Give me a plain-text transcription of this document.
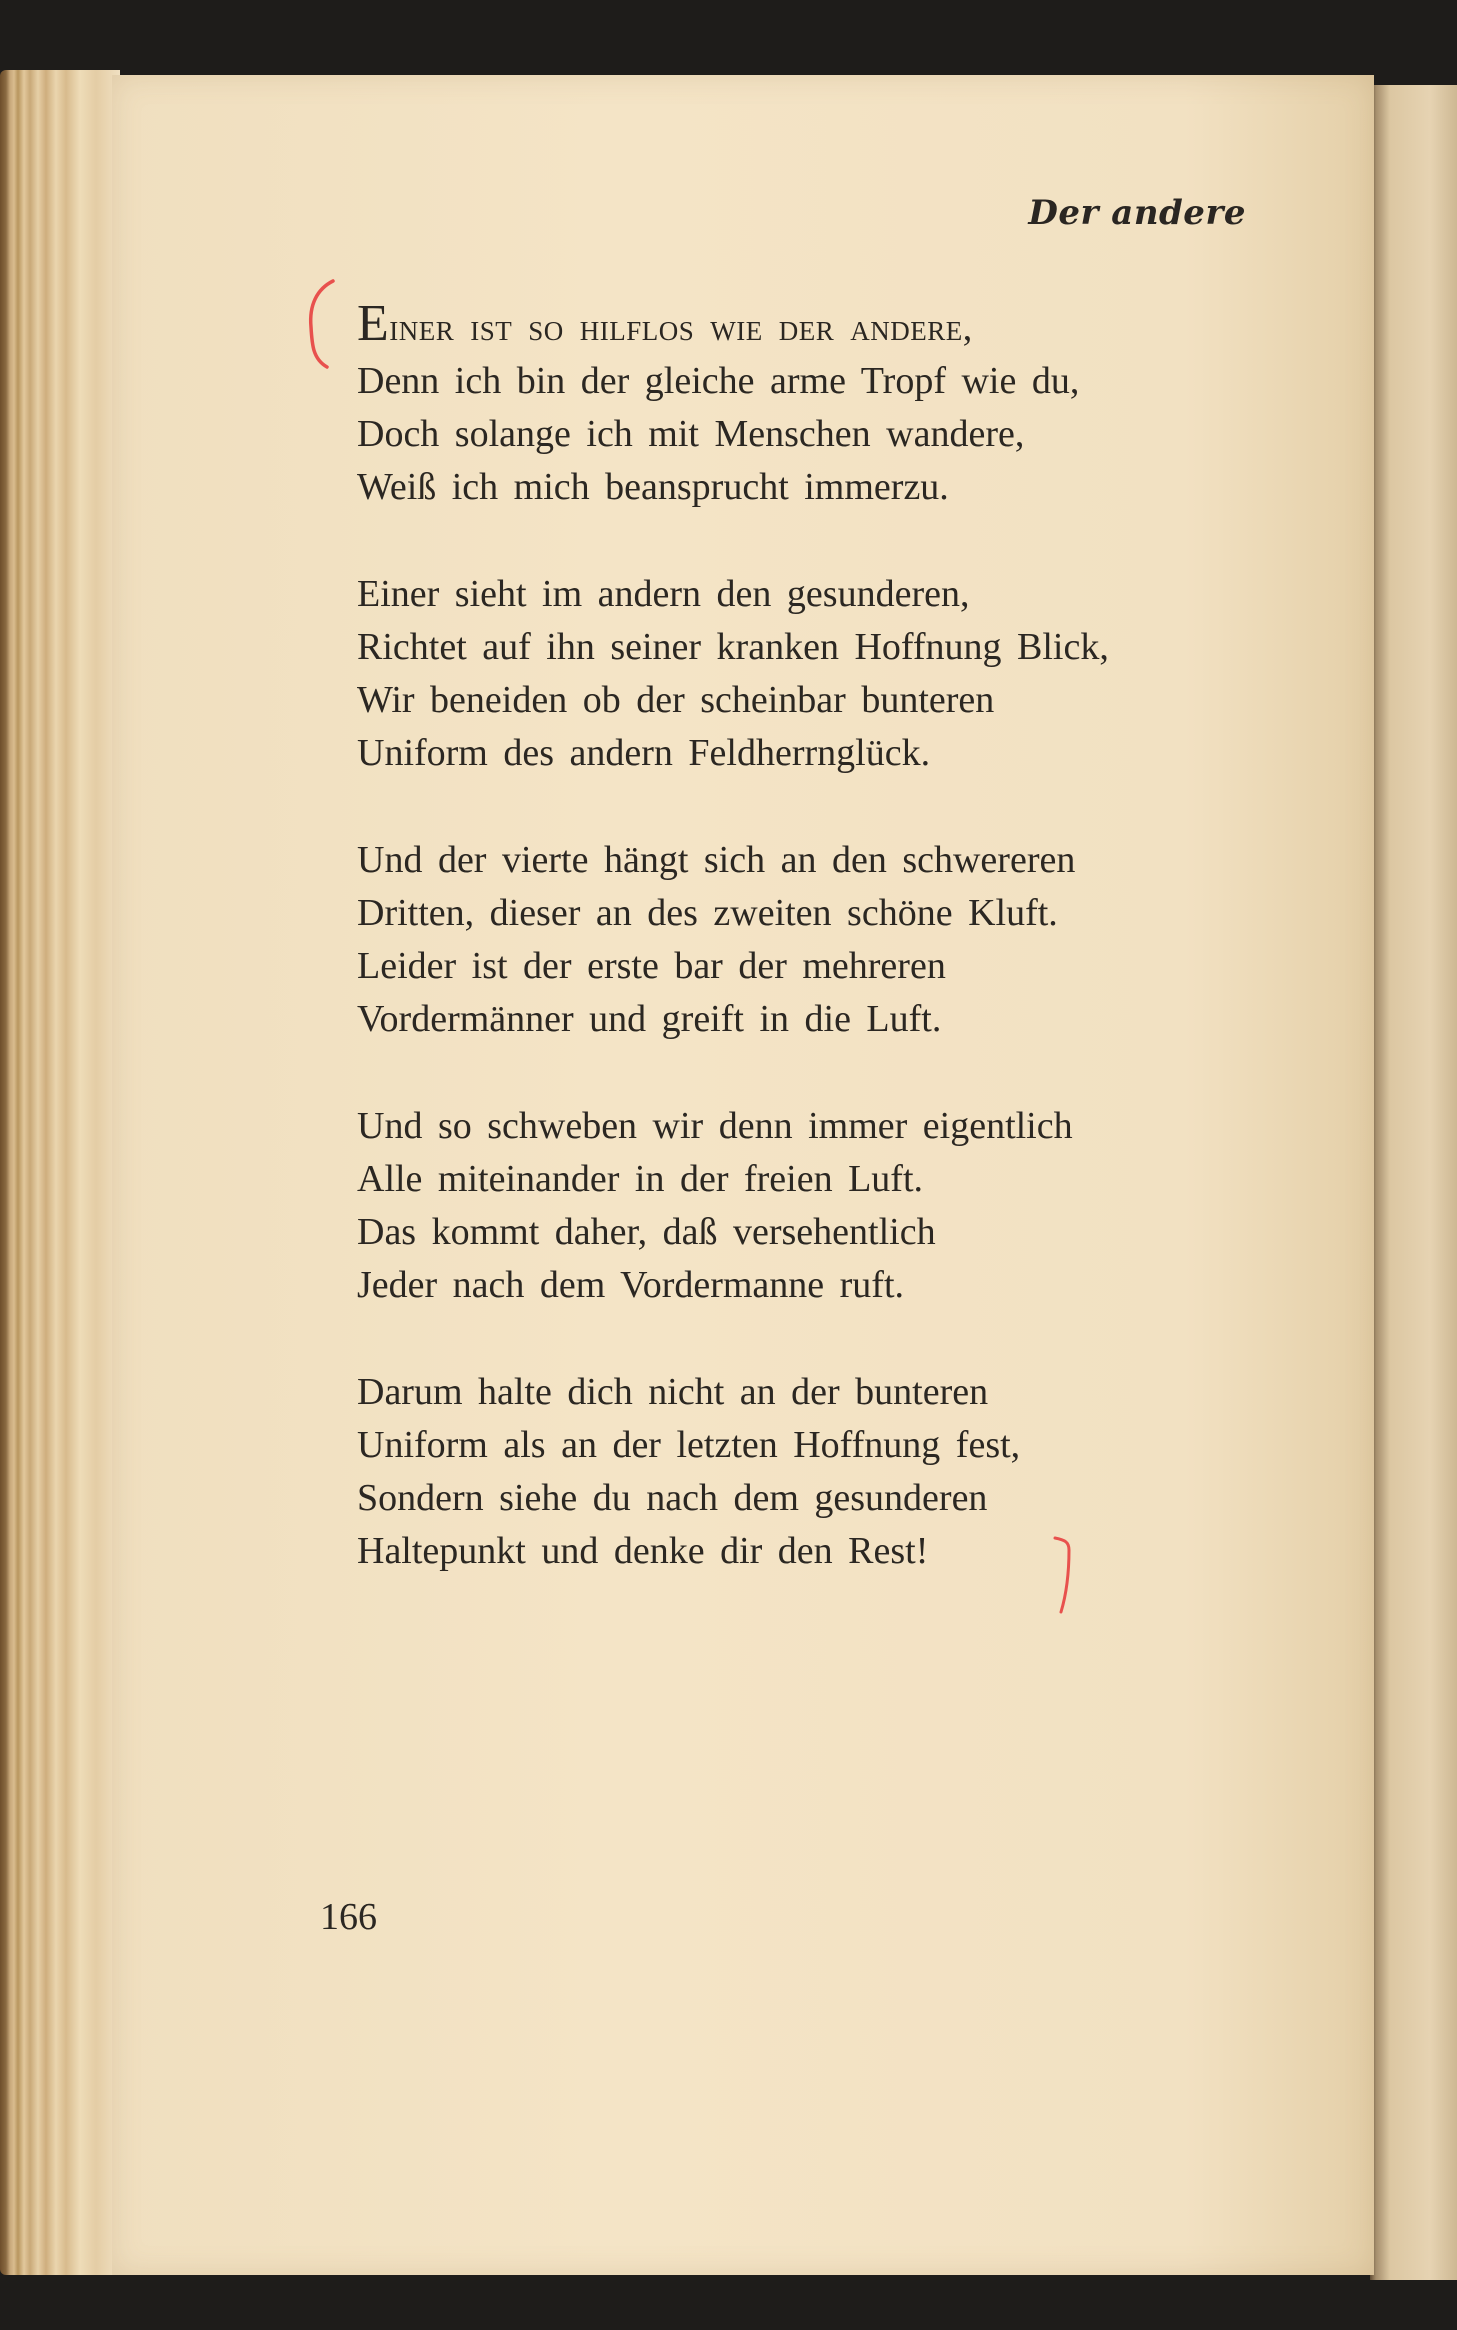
Der andere

Einer ist so hilflos wie der andere,
Denn ich bin der gleiche arme Tropf wie du,
Doch solange ich mit Menschen wandere,
Weiß ich mich beansprucht immerzu.
Einer sieht im andern den gesunderen,
Richtet auf ihn seiner kranken Hoffnung Blick,
Wir beneiden ob der scheinbar bunteren
Uniform des andern Feldherrnglück.
Und der vierte hängt sich an den schwereren
Dritten, dieser an des zweiten schöne Kluft.
Leider ist der erste bar der mehreren
Vordermänner und greift in die Luft.
Und so schweben wir denn immer eigentlich
Alle miteinander in der freien Luft.
Das kommt daher, daß versehentlich
Jeder nach dem Vordermanne ruft.
Darum halte dich nicht an der bunteren
Uniform als an der letzten Hoffnung fest,
Sondern siehe du nach dem gesunderen
Haltepunkt und denke dir den Rest!

166
